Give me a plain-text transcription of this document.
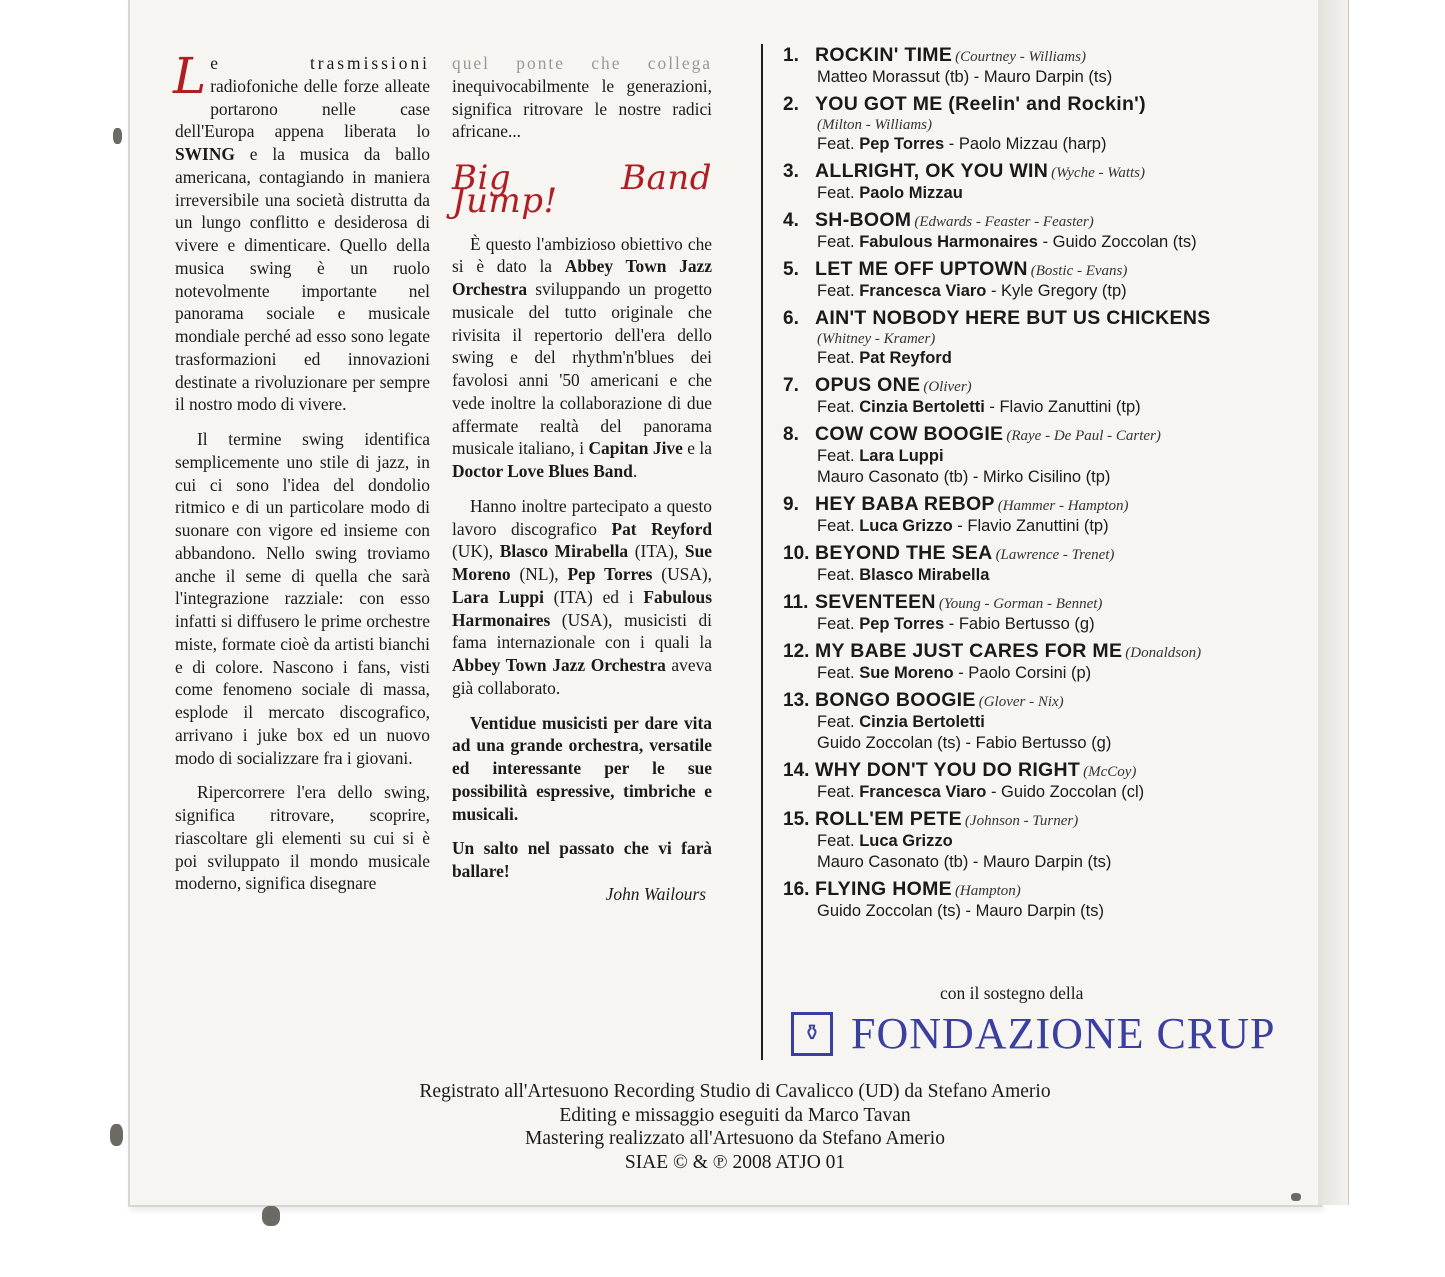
L e trasmissioni radiofoniche delle forze alleate portarono nelle case dell'Europa appena liberata lo SWING e la musica da ballo americana, contagiando in maniera irreversibile una società distrutta da un lungo conflitto e desiderosa di vivere e dimenticare. Quello della musica swing è un ruolo notevolmente importante nel panorama sociale e musicale mondiale perché ad esso sono legate trasformazioni ed innovazioni destinate a rivoluzionare per sempre il nostro modo di vivere.

Il termine swing identifica semplicemente uno stile di jazz, in cui ci sono l'idea del dondolio ritmico e di un particolare modo di suonare con vigore ed insieme con abbandono. Nello swing troviamo anche il seme di quella che sarà l'integrazione razziale: con esso infatti si diffusero le prime orchestre miste, formate cioè da artisti bianchi e di colore. Nascono i fans, visti come fenomeno sociale di massa, esplode il mercato discografico, arrivano i juke box ed un nuovo modo di socializzare fra i giovani.

Ripercorrere l'era dello swing, significa ritrovare, scoprire, riascoltare gli elementi su cui si è poi sviluppato il mondo musicale moderno, significa disegnare

quel ponte che collega inequivocabilmente le generazioni, significa ritrovare le nostre radici africane...

Big Band Jump!

È questo l'ambizioso obiettivo che si è dato la Abbey Town Jazz Orchestra sviluppando un progetto musicale del tutto originale che rivisita il repertorio dell'era dello swing e del rhythm'n'blues dei favolosi anni '50 americani e che vede inoltre la collaborazione di due affermate realtà del panorama musicale italiano, i Capitan Jive e la Doctor Love Blues Band.

Hanno inoltre partecipato a questo lavoro discografico Pat Reyford (UK), Blasco Mirabella (ITA), Sue Moreno (NL), Pep Torres (USA), Lara Luppi (ITA) ed i Fabulous Harmonaires (USA), musicisti di fama internazionale con i quali la Abbey Town Jazz Orchestra aveva già collaborato.

Ventidue musicisti per dare vita ad una grande orchestra, versatile ed interessante per le sue possibilità espressive, timbriche e musicali.

Un salto nel passato che vi farà ballare!

John Wailours

1. ROCKIN' TIME (Courtney - Williams)
Matteo Morassut (tb) - Mauro Darpin (ts)
2. YOU GOT ME (Reelin' and Rockin')
(Milton - Williams)
Feat. Pep Torres - Paolo Mizzau (harp)
3. ALLRIGHT, OK YOU WIN (Wyche - Watts)
Feat. Paolo Mizzau
4. SH-BOOM (Edwards - Feaster - Feaster)
Feat. Fabulous Harmonaires - Guido Zoccolan (ts)
5. LET ME OFF UPTOWN (Bostic - Evans)
Feat. Francesca Viaro - Kyle Gregory (tp)
6. AIN'T NOBODY HERE BUT US CHICKENS
(Whitney - Kramer)
Feat. Pat Reyford
7. OPUS ONE (Oliver)
Feat. Cinzia Bertoletti - Flavio Zanuttini (tp)
8. COW COW BOOGIE (Raye - De Paul - Carter)
Feat. Lara Luppi
Mauro Casonato (tb) - Mirko Cisilino (tp)
9. HEY BABA REBOP (Hammer - Hampton)
Feat. Luca Grizzo - Flavio Zanuttini (tp)
10. BEYOND THE SEA (Lawrence - Trenet)
Feat. Blasco Mirabella
11. SEVENTEEN (Young - Gorman - Bennet)
Feat. Pep Torres - Fabio Bertusso (g)
12. MY BABE JUST CARES FOR ME (Donaldson)
Feat. Sue Moreno - Paolo Corsini (p)
13. BONGO BOOGIE (Glover - Nix)
Feat. Cinzia Bertoletti
Guido Zoccolan (ts) - Fabio Bertusso (g)
14. WHY DON'T YOU DO RIGHT (McCoy)
Feat. Francesca Viaro - Guido Zoccolan (cl)
15. ROLL'EM PETE (Johnson - Turner)
Feat. Luca Grizzo
Mauro Casonato (tb) - Mauro Darpin (ts)
16. FLYING HOME (Hampton)
Guido Zoccolan (ts) - Mauro Darpin (ts)
con il sostegno della
⚱ FONDAZIONE CRUP
Registrato all'Artesuono Recording Studio di Cavalicco (UD) da Stefano Amerio
Editing e missaggio eseguiti da Marco Tavan
Mastering realizzato all'Artesuono da Stefano Amerio
SIAE © & ℗ 2008 ATJO 01
